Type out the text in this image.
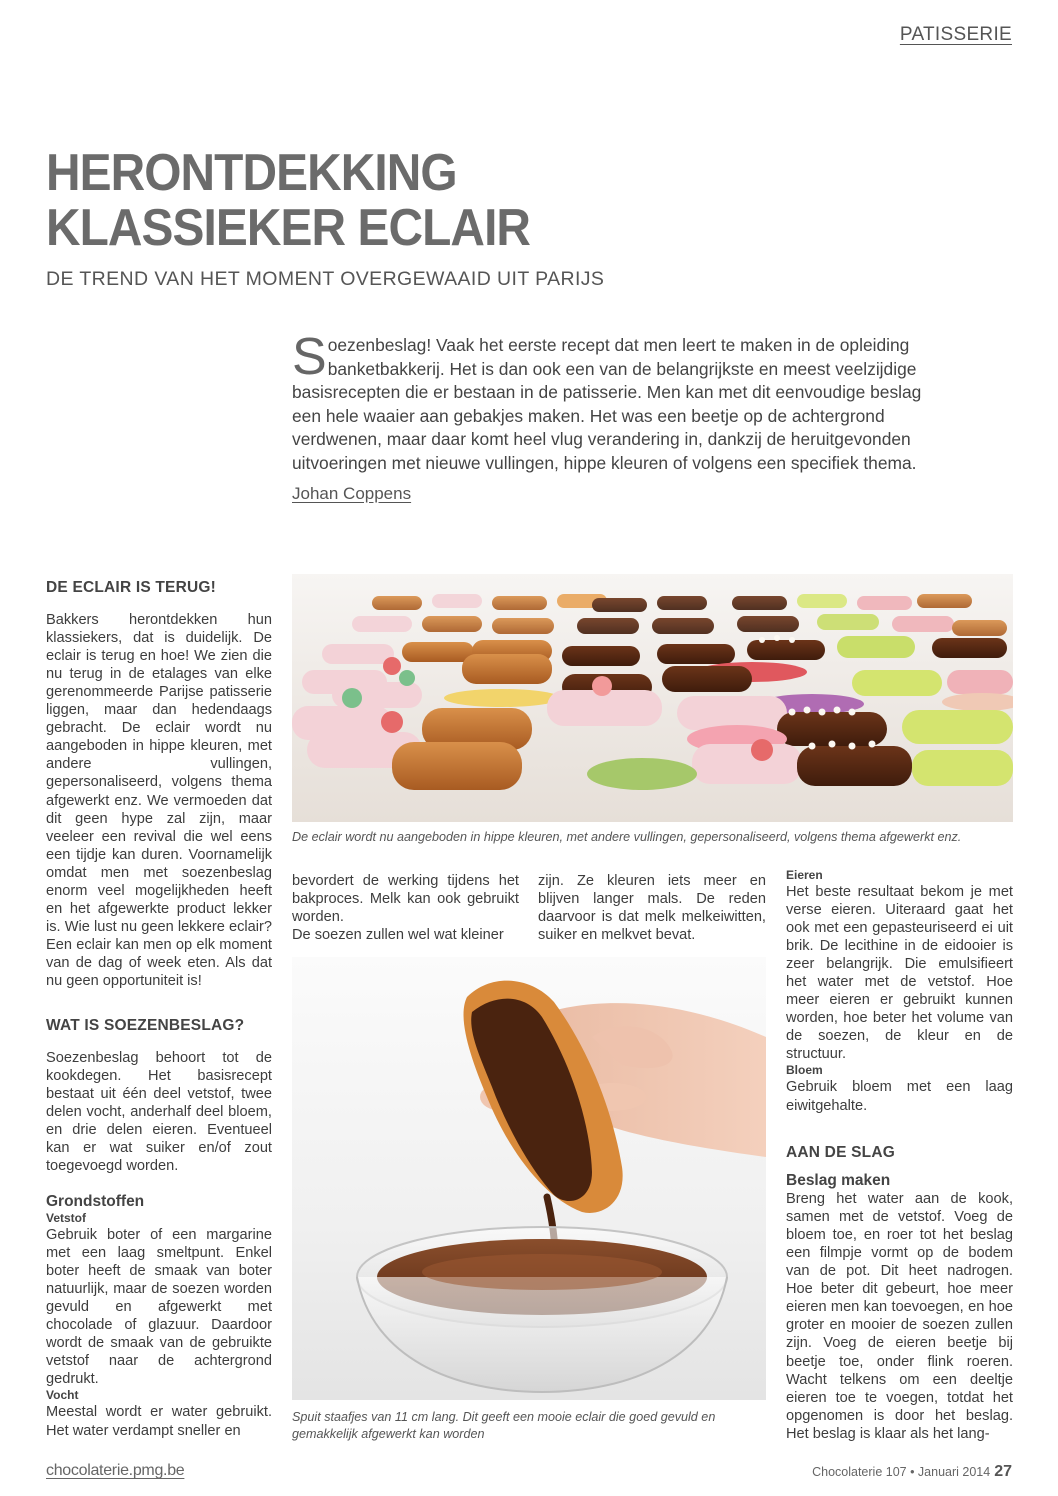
PATISSERIE
HERONTDEKKING
KLASSIEKER ECLAIR
DE TREND VAN HET MOMENT OVERGEWAAID UIT PARIJS
Soezenbeslag! Vaak het eerste recept dat men leert te maken in de opleiding banketbakkerij. Het is dan ook een van de belangrijkste en meest veelzijdige basisrecepten die er bestaan in de patisserie. Men kan met dit eenvoudige beslag een hele waaier aan gebakjes maken. Het was een beetje op de achtergrond verdwenen, maar daar komt heel vlug verandering in, dankzij de heruitgevonden uitvoeringen met nieuwe vullingen, hippe kleuren of volgens een specifiek thema.
Johan Coppens
DE ECLAIR IS TERUG!

Bakkers herontdekken hun klassiekers, dat is duidelijk. De eclair is terug en hoe! We zien die nu terug in de etalages van elke gerenommeerde Parijse patisserie liggen, maar dan hedendaags gebracht. De eclair wordt nu aangeboden in hippe kleuren, met andere vullingen, gepersonaliseerd, volgens thema afgewerkt enz. We vermoeden dat dit geen hype zal zijn, maar veeleer een revival die wel eens een tijdje kan duren. Voornamelijk omdat men met soezenbeslag enorm veel mogelijkheden heeft en het afgewerkte product lekker is. Wie lust nu geen lekkere eclair? Een eclair kan men op elk moment van de dag of week eten. Als dat nu geen opportuniteit is!

WAT IS SOEZENBESLAG?

Soezenbeslag behoort tot de kookdegen. Het basisrecept bestaat uit één deel vetstof, twee delen vocht, anderhalf deel bloem, en drie delen eieren. Eventueel kan er wat suiker en/of zout toegevoegd worden.

Grondstoffen
Vetstof

Gebruik boter of een margarine met een laag smeltpunt. Enkel boter heeft de smaak van boter natuurlijk, maar de soezen worden gevuld en afgewerkt met chocolade of glazuur. Daardoor wordt de smaak van de gebruikte vetstof naar de achtergrond gedrukt.

Vocht

Meestal wordt er water gebruikt. Het water verdampt sneller en

De eclair wordt nu aangeboden in hippe kleuren, met andere vullingen, gepersonaliseerd, volgens thema afgewerkt enz.

bevordert de werking tijdens het bakproces. Melk kan ook gebruikt worden.

De soezen zullen wel wat kleiner

zijn. Ze kleuren iets meer en blijven langer mals. De reden daarvoor is dat melk melkeiwitten, suiker en melkvet bevat.

Spuit staafjes van 11 cm lang. Dit geeft een mooie eclair die goed gevuld en gemakkelijk afgewerkt kan worden
Eieren

Het beste resultaat bekom je met verse eieren. Uiteraard gaat het ook met een gepasteuriseerd ei uit brik. De lecithine in de eidooier is zeer belangrijk. Die emulsifieert het water met de vetstof. Hoe meer eieren er gebruikt kunnen worden, hoe beter het volume van de soezen, de kleur en de structuur.

Bloem

Gebruik bloem met een laag eiwitgehalte.

AAN DE SLAG
Beslag maken

Breng het water aan de kook, samen met de vetstof. Voeg de bloem toe, en roer tot het beslag een filmpje vormt op de bodem van de pot. Dit heet nadrogen. Hoe beter dit gebeurt, hoe meer eieren men kan toevoegen, en hoe groter en mooier de soezen zullen zijn. Voeg de eieren beetje bij beetje toe, onder flink roeren. Wacht telkens om een deeltje eieren toe te voegen, totdat het opgenomen is door het beslag. Het beslag is klaar als het lang-

chocolaterie.pmg.be	Chocolaterie 107 • Januari 2014 27
